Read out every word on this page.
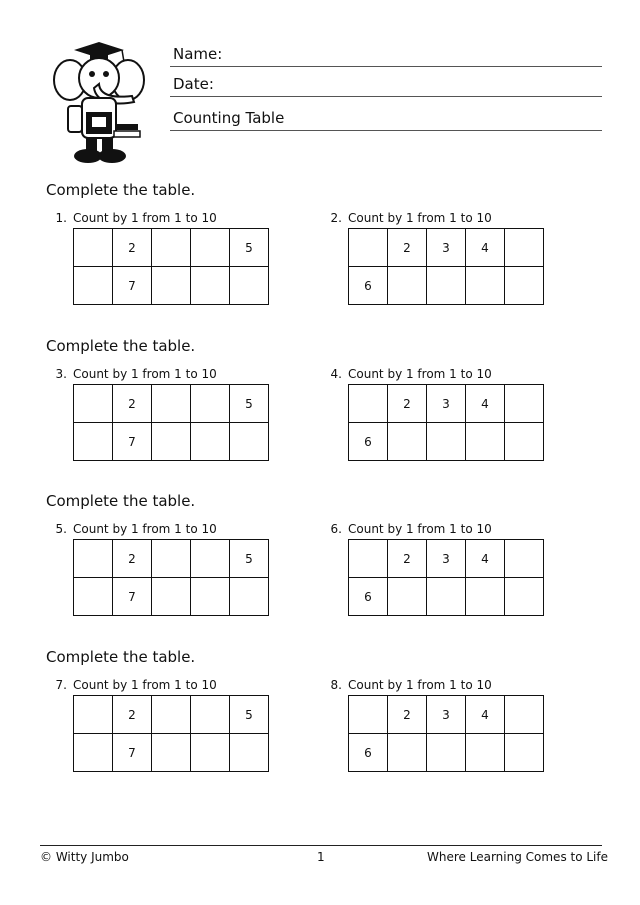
Name:
Date:
Counting Table
Complete the table.
Complete the table.
Complete the table.
Complete the table.
1. Count by 1 from 1 to 10
	2			5
	7			
2. Count by 1 from 1 to 10
	2	3	4	
6				
3. Count by 1 from 1 to 10
	2			5
	7			
4. Count by 1 from 1 to 10
	2	3	4	
6				
5. Count by 1 from 1 to 10
	2			5
	7			
6. Count by 1 from 1 to 10
	2	3	4	
6				
7. Count by 1 from 1 to 10
	2			5
	7			
8. Count by 1 from 1 to 10
	2	3	4	
6				
© Witty Jumbo	1	Where Learning Comes to Life
